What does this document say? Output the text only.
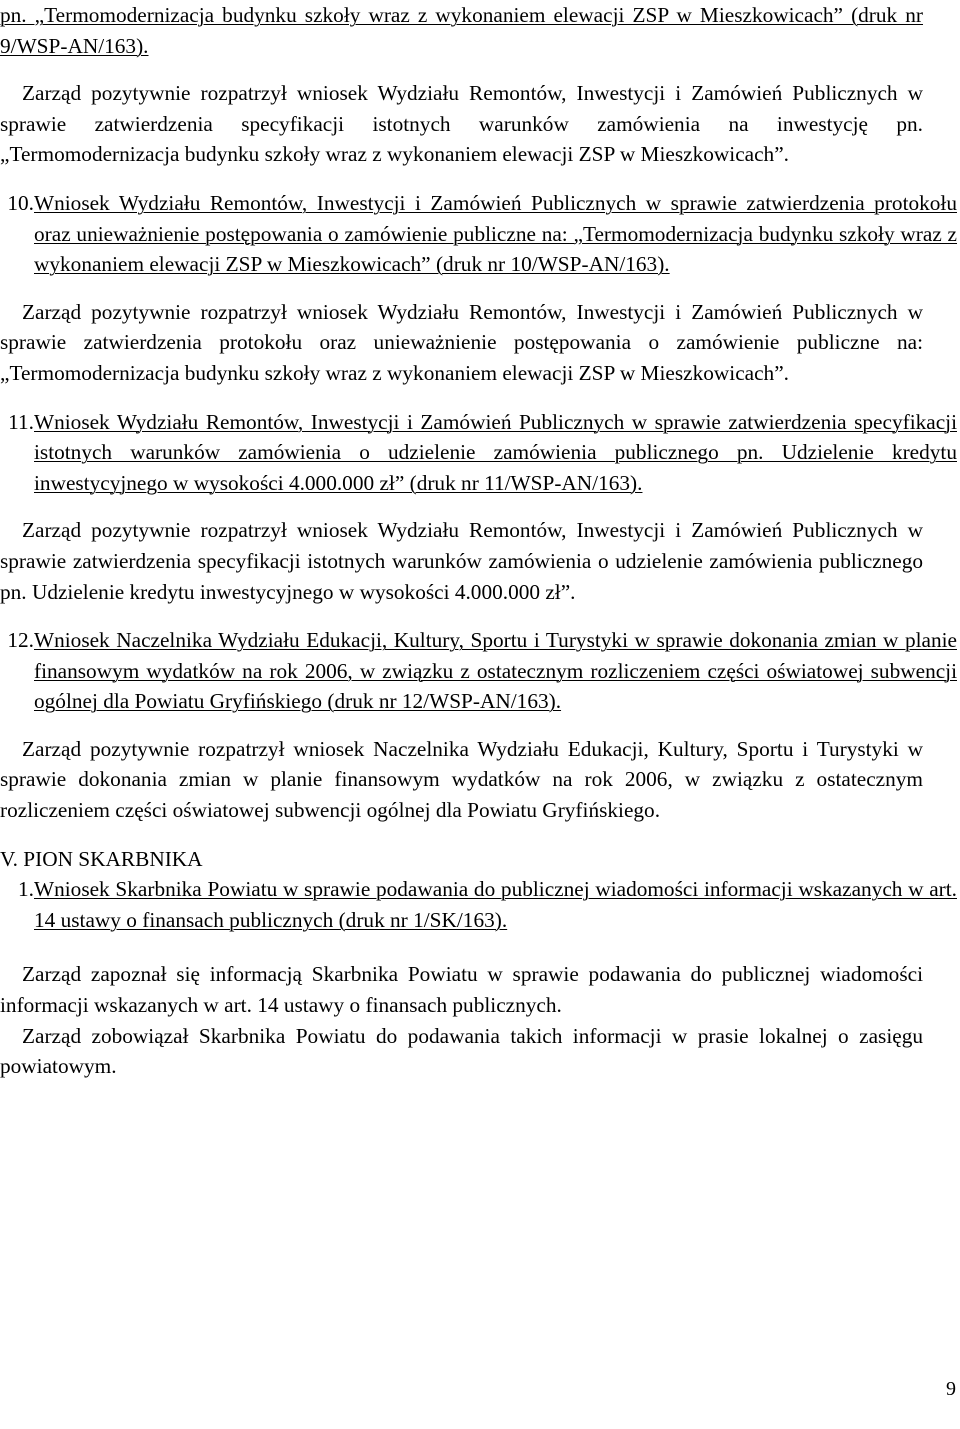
pn. „Termomodernizacja budynku szkoły wraz z wykonaniem elewacji ZSP w Mieszkowicach” (druk nr 9/WSP-AN/163).

Zarząd pozytywnie rozpatrzył wniosek Wydziału Remontów, Inwestycji i Zamówień Publicznych w sprawie zatwierdzenia specyfikacji istotnych warunków zamówienia na inwestycję pn. „Termomodernizacja budynku szkoły wraz z wykonaniem elewacji ZSP w Mieszkowicach”.

10. Wniosek Wydziału Remontów, Inwestycji i Zamówień Publicznych w sprawie zatwierdzenia protokołu oraz unieważnienie postępowania o zamówienie publiczne na: „Termomodernizacja budynku szkoły wraz z wykonaniem elewacji ZSP w Mieszkowicach” (druk nr 10/WSP-AN/163).

Zarząd pozytywnie rozpatrzył wniosek Wydziału Remontów, Inwestycji i Zamówień Publicznych w sprawie zatwierdzenia protokołu oraz unieważnienie postępowania o zamówienie publiczne na: „Termomodernizacja budynku szkoły wraz z wykonaniem elewacji ZSP w Mieszkowicach”.

11. Wniosek Wydziału Remontów, Inwestycji i Zamówień Publicznych w sprawie zatwierdzenia specyfikacji istotnych warunków zamówienia o udzielenie zamówienia publicznego pn. Udzielenie kredytu inwestycyjnego w wysokości 4.000.000 zł” (druk nr 11/WSP-AN/163).

Zarząd pozytywnie rozpatrzył wniosek Wydziału Remontów, Inwestycji i Zamówień Publicznych w sprawie zatwierdzenia specyfikacji istotnych warunków zamówienia o udzielenie zamówienia publicznego pn. Udzielenie kredytu inwestycyjnego w wysokości 4.000.000 zł”.

12. Wniosek Naczelnika Wydziału Edukacji, Kultury, Sportu i Turystyki w sprawie dokonania zmian w planie finansowym wydatków na rok 2006, w związku z ostatecznym rozliczeniem części oświatowej subwencji ogólnej dla Powiatu Gryfińskiego (druk nr 12/WSP-AN/163).

Zarząd pozytywnie rozpatrzył wniosek Naczelnika Wydziału Edukacji, Kultury, Sportu i Turystyki w sprawie dokonania zmian w planie finansowym wydatków na rok 2006, w związku z ostatecznym rozliczeniem części oświatowej subwencji ogólnej dla Powiatu Gryfińskiego.

V. PION SKARBNIKA

1. Wniosek Skarbnika Powiatu w sprawie podawania do publicznej wiadomości informacji wskazanych w art. 14 ustawy o finansach publicznych (druk nr 1/SK/163).

Zarząd zapoznał się informacją Skarbnika Powiatu w sprawie podawania do publicznej wiadomości informacji wskazanych w art. 14 ustawy o finansach publicznych.

Zarząd zobowiązał Skarbnika Powiatu do podawania takich informacji w prasie lokalnej o zasięgu powiatowym.

9
